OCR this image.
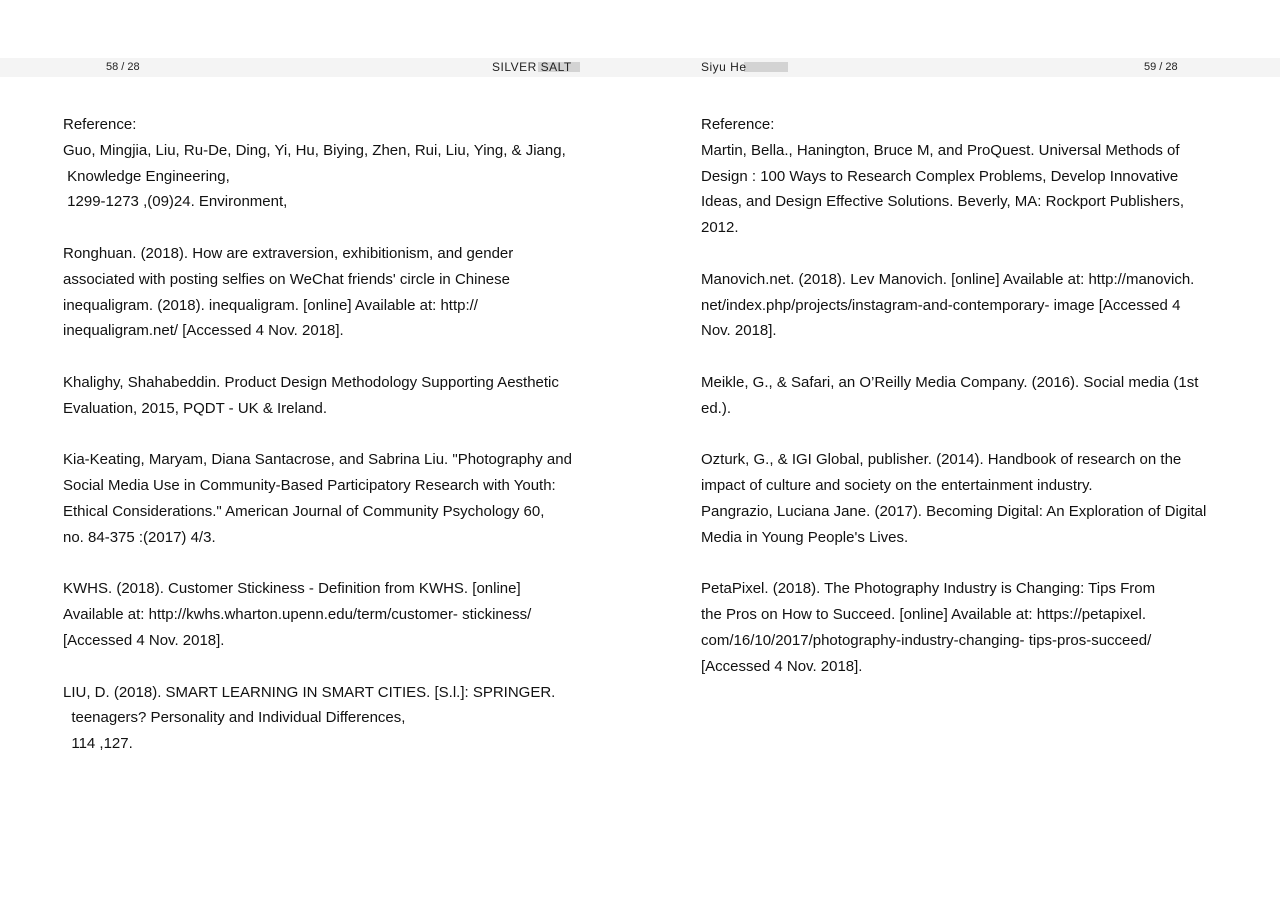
58 / 28	SILVER SALT	Siyu He	59 / 28
Reference:
Guo, Mingjia, Liu, Ru-De, Ding, Yi, Hu, Biying, Zhen, Rui, Liu, Ying, & Jiang,
Knowledge Engineering,
1299-1273 ,(09)24. Environment,
Ronghuan. (2018). How are extraversion, exhibitionism, and gender
associated with posting selfies on WeChat friends' circle in Chinese
inequaligram. (2018). inequaligram. [online] Available at: http://
inequaligram.net/ [Accessed 4 Nov. 2018].
Khalighy, Shahabeddin. Product Design Methodology Supporting Aesthetic
Evaluation, 2015, PQDT - UK & Ireland.
Kia-Keating, Maryam, Diana Santacrose, and Sabrina Liu. "Photography and
Social Media Use in Community-Based Participatory Research with Youth:
Ethical Considerations." American Journal of Community Psychology 60,
no. 84-375 :(2017) 4/3.
KWHS. (2018). Customer Stickiness - Definition from KWHS. [online]
Available at: http://kwhs.wharton.upenn.edu/term/customer- stickiness/
[Accessed 4 Nov. 2018].
LIU, D. (2018). SMART LEARNING IN SMART CITIES. [S.l.]: SPRINGER.
teenagers? Personality and Individual Differences,
114 ,127.
Reference:
Martin, Bella., Hanington, Bruce M, and ProQuest. Universal Methods of
Design : 100 Ways to Research Complex Problems, Develop Innovative
Ideas, and Design Effective Solutions. Beverly, MA: Rockport Publishers,
2012.
Manovich.net. (2018). Lev Manovich. [online] Available at: http://manovich.
net/index.php/projects/instagram-and-contemporary- image [Accessed 4
Nov. 2018].
Meikle, G., & Safari, an O’Reilly Media Company. (2016). Social media (1st
ed.).
Ozturk, G., & IGI Global, publisher. (2014). Handbook of research on the
impact of culture and society on the entertainment industry.
Pangrazio, Luciana Jane. (2017). Becoming Digital: An Exploration of Digital
Media in Young People's Lives.
PetaPixel. (2018). The Photography Industry is Changing: Tips From
the Pros on How to Succeed. [online] Available at: https://petapixel.
com/16/10/2017/photography-industry-changing- tips-pros-succeed/
[Accessed 4 Nov. 2018].
